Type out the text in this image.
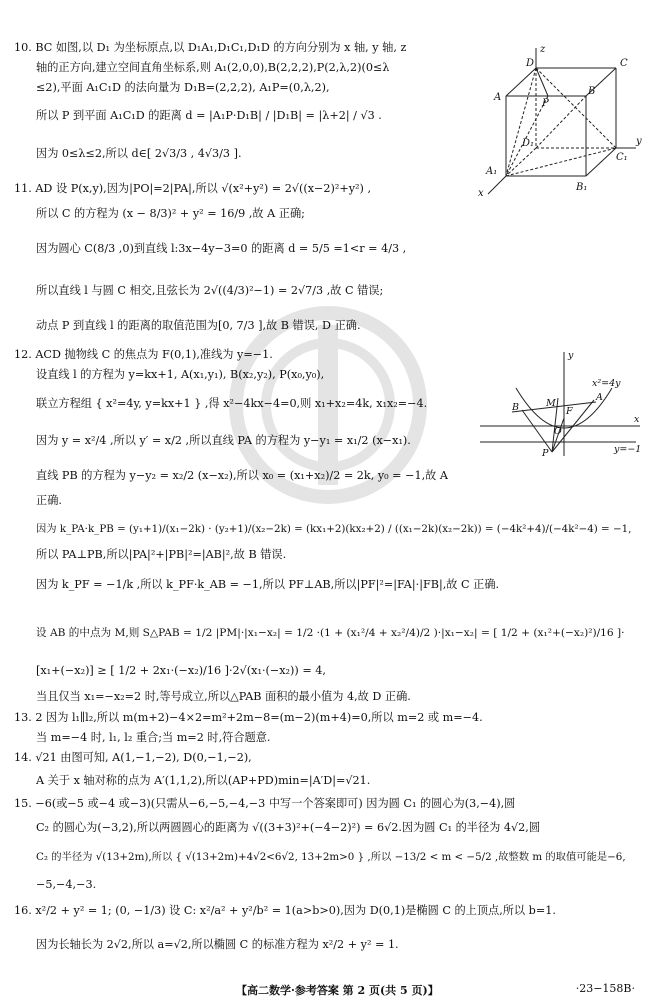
10. BC 如图,以 D₁ 为坐标原点,以 D₁A₁,D₁C₁,D₁D 的方向分别为 x 轴, y 轴, z
轴的正方向,建立空间直角坐标系,则 A₁(2,0,0),B(2,2,2),P(2,λ,2)(0≤λ
≤2),平面 A₁C₁D 的法向量为 D₁B=(2,2,2), A₁P=(0,λ,2),
所以 P 到平面 A₁C₁D 的距离 d = |A₁P·D₁B| / |D₁B| = |λ+2| / √3 .
因为 0≤λ≤2,所以 d∈[ 2√3/3 , 4√3/3 ].
11. AD 设 P(x,y),因为|PO|=2|PA|,所以 √(x²+y²) = 2√((x−2)²+y²) ,
所以 C 的方程为 (x − 8/3)² + y² = 16/9 ,故 A 正确;
因为圆心 C(8/3 ,0)到直线 l:3x−4y−3=0 的距离 d = 5/5 =1<r = 4/3 ,
所以直线 l 与圆 C 相交,且弦长为 2√((4/3)²−1) = 2√7/3 ,故 C 错误;
动点 P 到直线 l 的距离的取值范围为[0, 7/3 ],故 B 错误, D 正确.
12. ACD 抛物线 C 的焦点为 F(0,1),准线为 y=−1.
设直线 l 的方程为 y=kx+1, A(x₁,y₁), B(x₂,y₂), P(x₀,y₀),
联立方程组 { x²=4y, y=kx+1 } ,得 x²−4kx−4=0,则 x₁+x₂=4k, x₁x₂=−4.
因为 y = x²/4 ,所以 y′ = x/2 ,所以直线 PA 的方程为 y−y₁ = x₁/2 (x−x₁).
直线 PB 的方程为 y−y₂ = x₂/2 (x−x₂),所以 x₀ = (x₁+x₂)/2 = 2k, y₀ = −1,故 A
正确.
因为 k_PA·k_PB = (y₁+1)/(x₁−2k) · (y₂+1)/(x₂−2k) = (kx₁+2)(kx₂+2) / ((x₁−2k)(x₂−2k)) = (−4k²+4)/(−4k²−4) = −1,
所以 PA⊥PB,所以|PA|²+|PB|²=|AB|²,故 B 错误.
因为 k_PF = −1/k ,所以 k_PF·k_AB = −1,所以 PF⊥AB,所以|PF|²=|FA|·|FB|,故 C 正确.
设 AB 的中点为 M,则 S△PAB = 1/2 |PM|·|x₁−x₂| = 1/2 ·(1 + (x₁²/4 + x₂²/4)/2 )·|x₁−x₂| = [ 1/2 + (x₁²+(−x₂)²)/16 ]·
[x₁+(−x₂)] ≥ [ 1/2 + 2x₁·(−x₂)/16 ]·2√(x₁·(−x₂)) = 4,
当且仅当 x₁=−x₂=2 时,等号成立,所以△PAB 面积的最小值为 4,故 D 正确.
13. 2 因为 l₁∥l₂,所以 m(m+2)−4×2=m²+2m−8=(m−2)(m+4)=0,所以 m=2 或 m=−4.
当 m=−4 时, l₁, l₂ 重合;当 m=2 时,符合题意.
14. √21 由图可知, A(1,−1,−2), D(0,−1,−2),
A 关于 x 轴对称的点为 A′(1,1,2),所以(AP+PD)min=|A′D|=√21.
15. −6(或−5 或−4 或−3)(只需从−6,−5,−4,−3 中写一个答案即可) 因为圆 C₁ 的圆心为(3,−4),圆
C₂ 的圆心为(−3,2),所以两圆圆心的距离为 √((3+3)²+(−4−2)²) = 6√2.因为圆 C₁ 的半径为 4√2,圆
C₂ 的半径为 √(13+2m),所以 { √(13+2m)+4√2<6√2, 13+2m>0 } ,所以 −13/2 < m < −5/2 ,故整数 m 的取值可能是−6,
−5,−4,−3.
16. x²/2 + y² = 1; (0, −1/3) 设 C: x²/a² + y²/b² = 1(a>b>0),因为 D(0,1)是椭圆 C 的上顶点,所以 b=1.
因为长轴长为 2√2,所以 a=√2,所以椭圆 C 的标准方程为 x²/2 + y² = 1.
z
D	C
A
B
P
D₁
C₁
y
A₁
B₁
x
y
x²=4y
B	M
F
A
O
P
x
y=−1
【高二数学·参考答案 第 2 页(共 5 页)】	·23−158B·
